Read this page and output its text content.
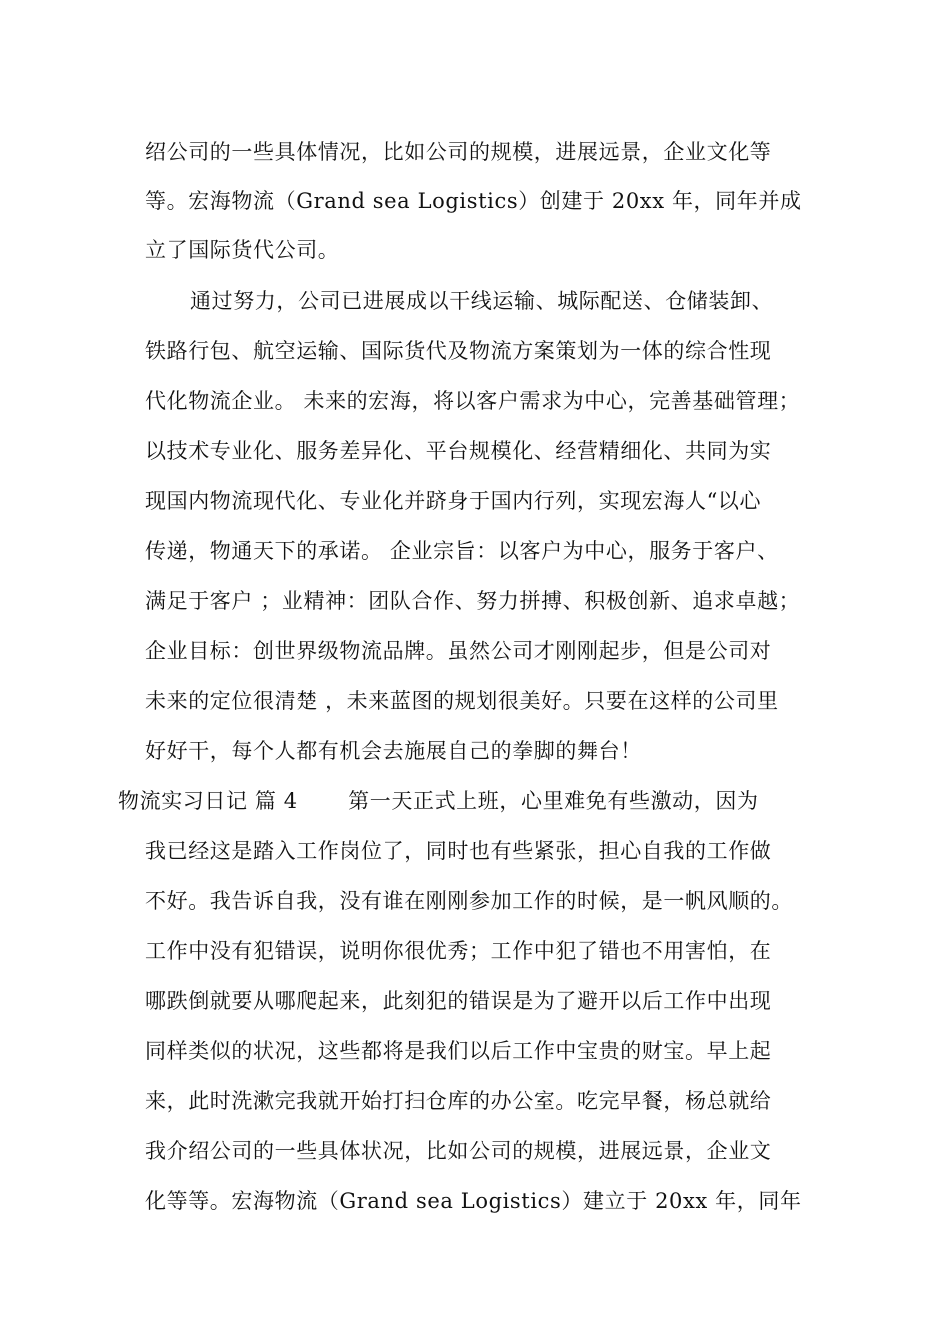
绍公司的一些具体情况，比如公司的规模，进展远景，企业文化等
等。宏海物流（Grand sea Logistics）创建于 20xx 年，同年并成
立了国际货代公司。
通过努力，公司已进展成以干线运输、城际配送、仓储装卸、
铁路行包、航空运输、国际货代及物流方案策划为一体的综合性现
代化物流企业。 未来的宏海，将以客户需求为中心，完善基础管理；
以技术专业化、服务差异化、平台规模化、经营精细化、共同为实
现国内物流现代化、专业化并跻身于国内行列，实现宏海人“以心
传递，物通天下的承诺。 企业宗旨：以客户为中心，服务于客户、
满足于客户 ；业精神：团队合作、努力拼搏、积极创新、追求卓越；
企业目标：创世界级物流品牌。虽然公司才刚刚起步，但是公司对
未来的定位很清楚 ，未来蓝图的规划很美好。只要在这样的公司里
好好干，每个人都有机会去施展自己的拳脚的舞台！
物流实习日记 篇 4 　　第一天正式上班，心里难免有些激动，因为
我已经这是踏入工作岗位了，同时也有些紧张，担心自我的工作做
不好。我告诉自我，没有谁在刚刚参加工作的时候，是一帆风顺的。
工作中没有犯错误，说明你很优秀；工作中犯了错也不用害怕，在
哪跌倒就要从哪爬起来，此刻犯的错误是为了避开以后工作中出现
同样类似的状况，这些都将是我们以后工作中宝贵的财宝。早上起
来，此时洗漱完我就开始打扫仓库的办公室。吃完早餐，杨总就给
我介绍公司的一些具体状况，比如公司的规模，进展远景，企业文
化等等。宏海物流（Grand sea Logistics）建立于 20xx 年，同年
